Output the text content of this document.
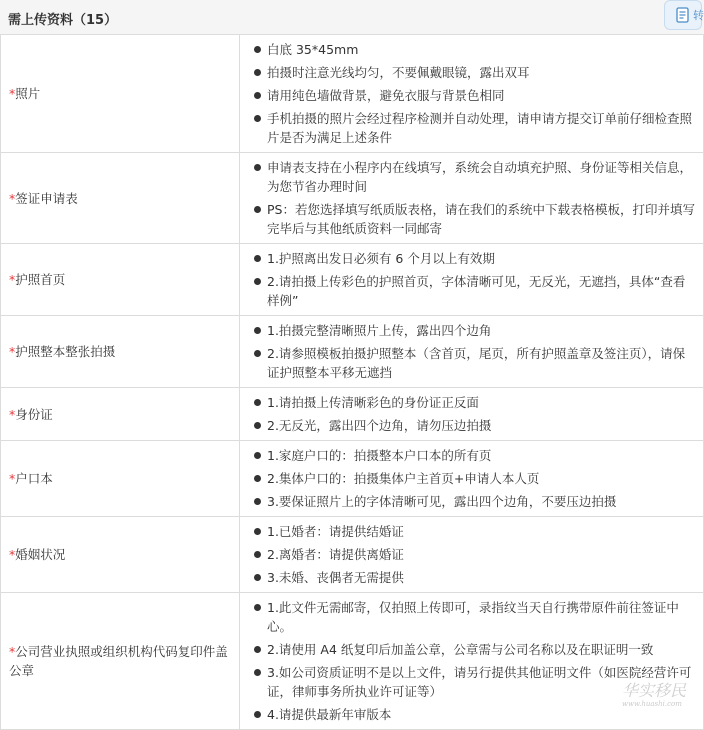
需上传资料（15）	转
*照片	白底 35*45mm
拍摄时注意光线均匀，不要佩戴眼镜，露出双耳
请用纯色墙做背景，避免衣服与背景色相同
手机拍摄的照片会经过程序检测并自动处理，请申请方提交订单前仔细检查照片是否为满足上述条件

*签证申请表	申请表支持在小程序内在线填写，系统会自动填充护照、身份证等相关信息，为您节省办理时间
PS：若您选择填写纸质版表格，请在我们的系统中下载表格模板，打印并填写完毕后与其他纸质资料一同邮寄

*护照首页	1.护照离出发日必须有 6 个月以上有效期
2.请拍摄上传彩色的护照首页，字体清晰可见，无反光，无遮挡，具体“查看样例”

*护照整本整张拍摄	1.拍摄完整清晰照片上传，露出四个边角
2.请参照模板拍摄护照整本（含首页，尾页，所有护照盖章及签注页），请保证护照整本平移无遮挡

*身份证	1.请拍摄上传清晰彩色的身份证正反面
2.无反光，露出四个边角，请勿压边拍摄

*户口本	1.家庭户口的：拍摄整本户口本的所有页
2.集体户口的：拍摄集体户主首页+申请人本人页
3.要保证照片上的字体清晰可见，露出四个边角，不要压边拍摄

*婚姻状况	1.已婚者：请提供结婚证
2.离婚者：请提供离婚证
3.未婚、丧偶者无需提供

*公司营业执照或组织机构代码复印件盖公章	1.此文件无需邮寄，仅拍照上传即可，录指纹当天自行携带原件前往签证中心。
2.请使用 A4 纸复印后加盖公章，公章需与公司名称以及在职证明一致
3.如公司资质证明不是以上文件，请另行提供其他证明文件（如医院经营许可证，律师事务所执业许可证等）
4.请提供最新年审版本
华实移民
www.huashi.com
